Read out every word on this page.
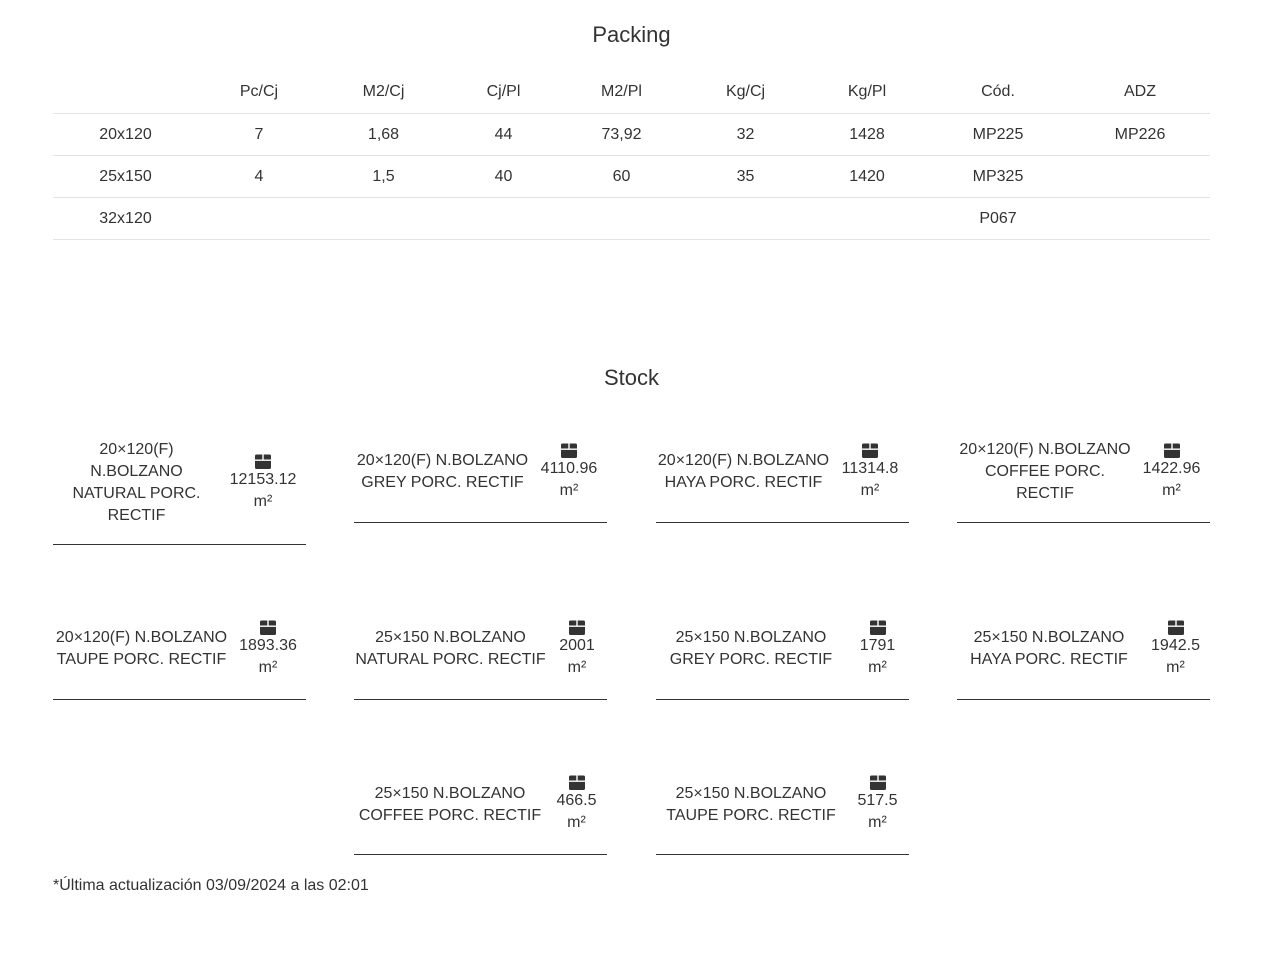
Packing
	Pc/Cj	M2/Cj	Cj/Pl	M2/Pl	Kg/Cj	Kg/Pl	Cód.	ADZ
20x120	7	1,68	44	73,92	32	1428	MP225	MP226
25x150	4	1,5	40	60	35	1420	MP325	
32x120							P067	
Stock
20×120(F) N.BOLZANO NATURAL PORC. RECTIF
12153.12
m²
20×120(F) N.BOLZANO GREY PORC. RECTIF
4110.96
m²
20×120(F) N.BOLZANO HAYA PORC. RECTIF
11314.8
m²
20×120(F) N.BOLZANO COFFEE PORC. RECTIF
1422.96
m²
20×120(F) N.BOLZANO TAUPE PORC. RECTIF
1893.36
m²
25×150 N.BOLZANO NATURAL PORC. RECTIF
2001
m²
25×150 N.BOLZANO GREY PORC. RECTIF
1791
m²
25×150 N.BOLZANO HAYA PORC. RECTIF
1942.5
m²
25×150 N.BOLZANO COFFEE PORC. RECTIF
466.5
m²
25×150 N.BOLZANO TAUPE PORC. RECTIF
517.5
m²
*Última actualización 03/09/2024 a las 02:01
